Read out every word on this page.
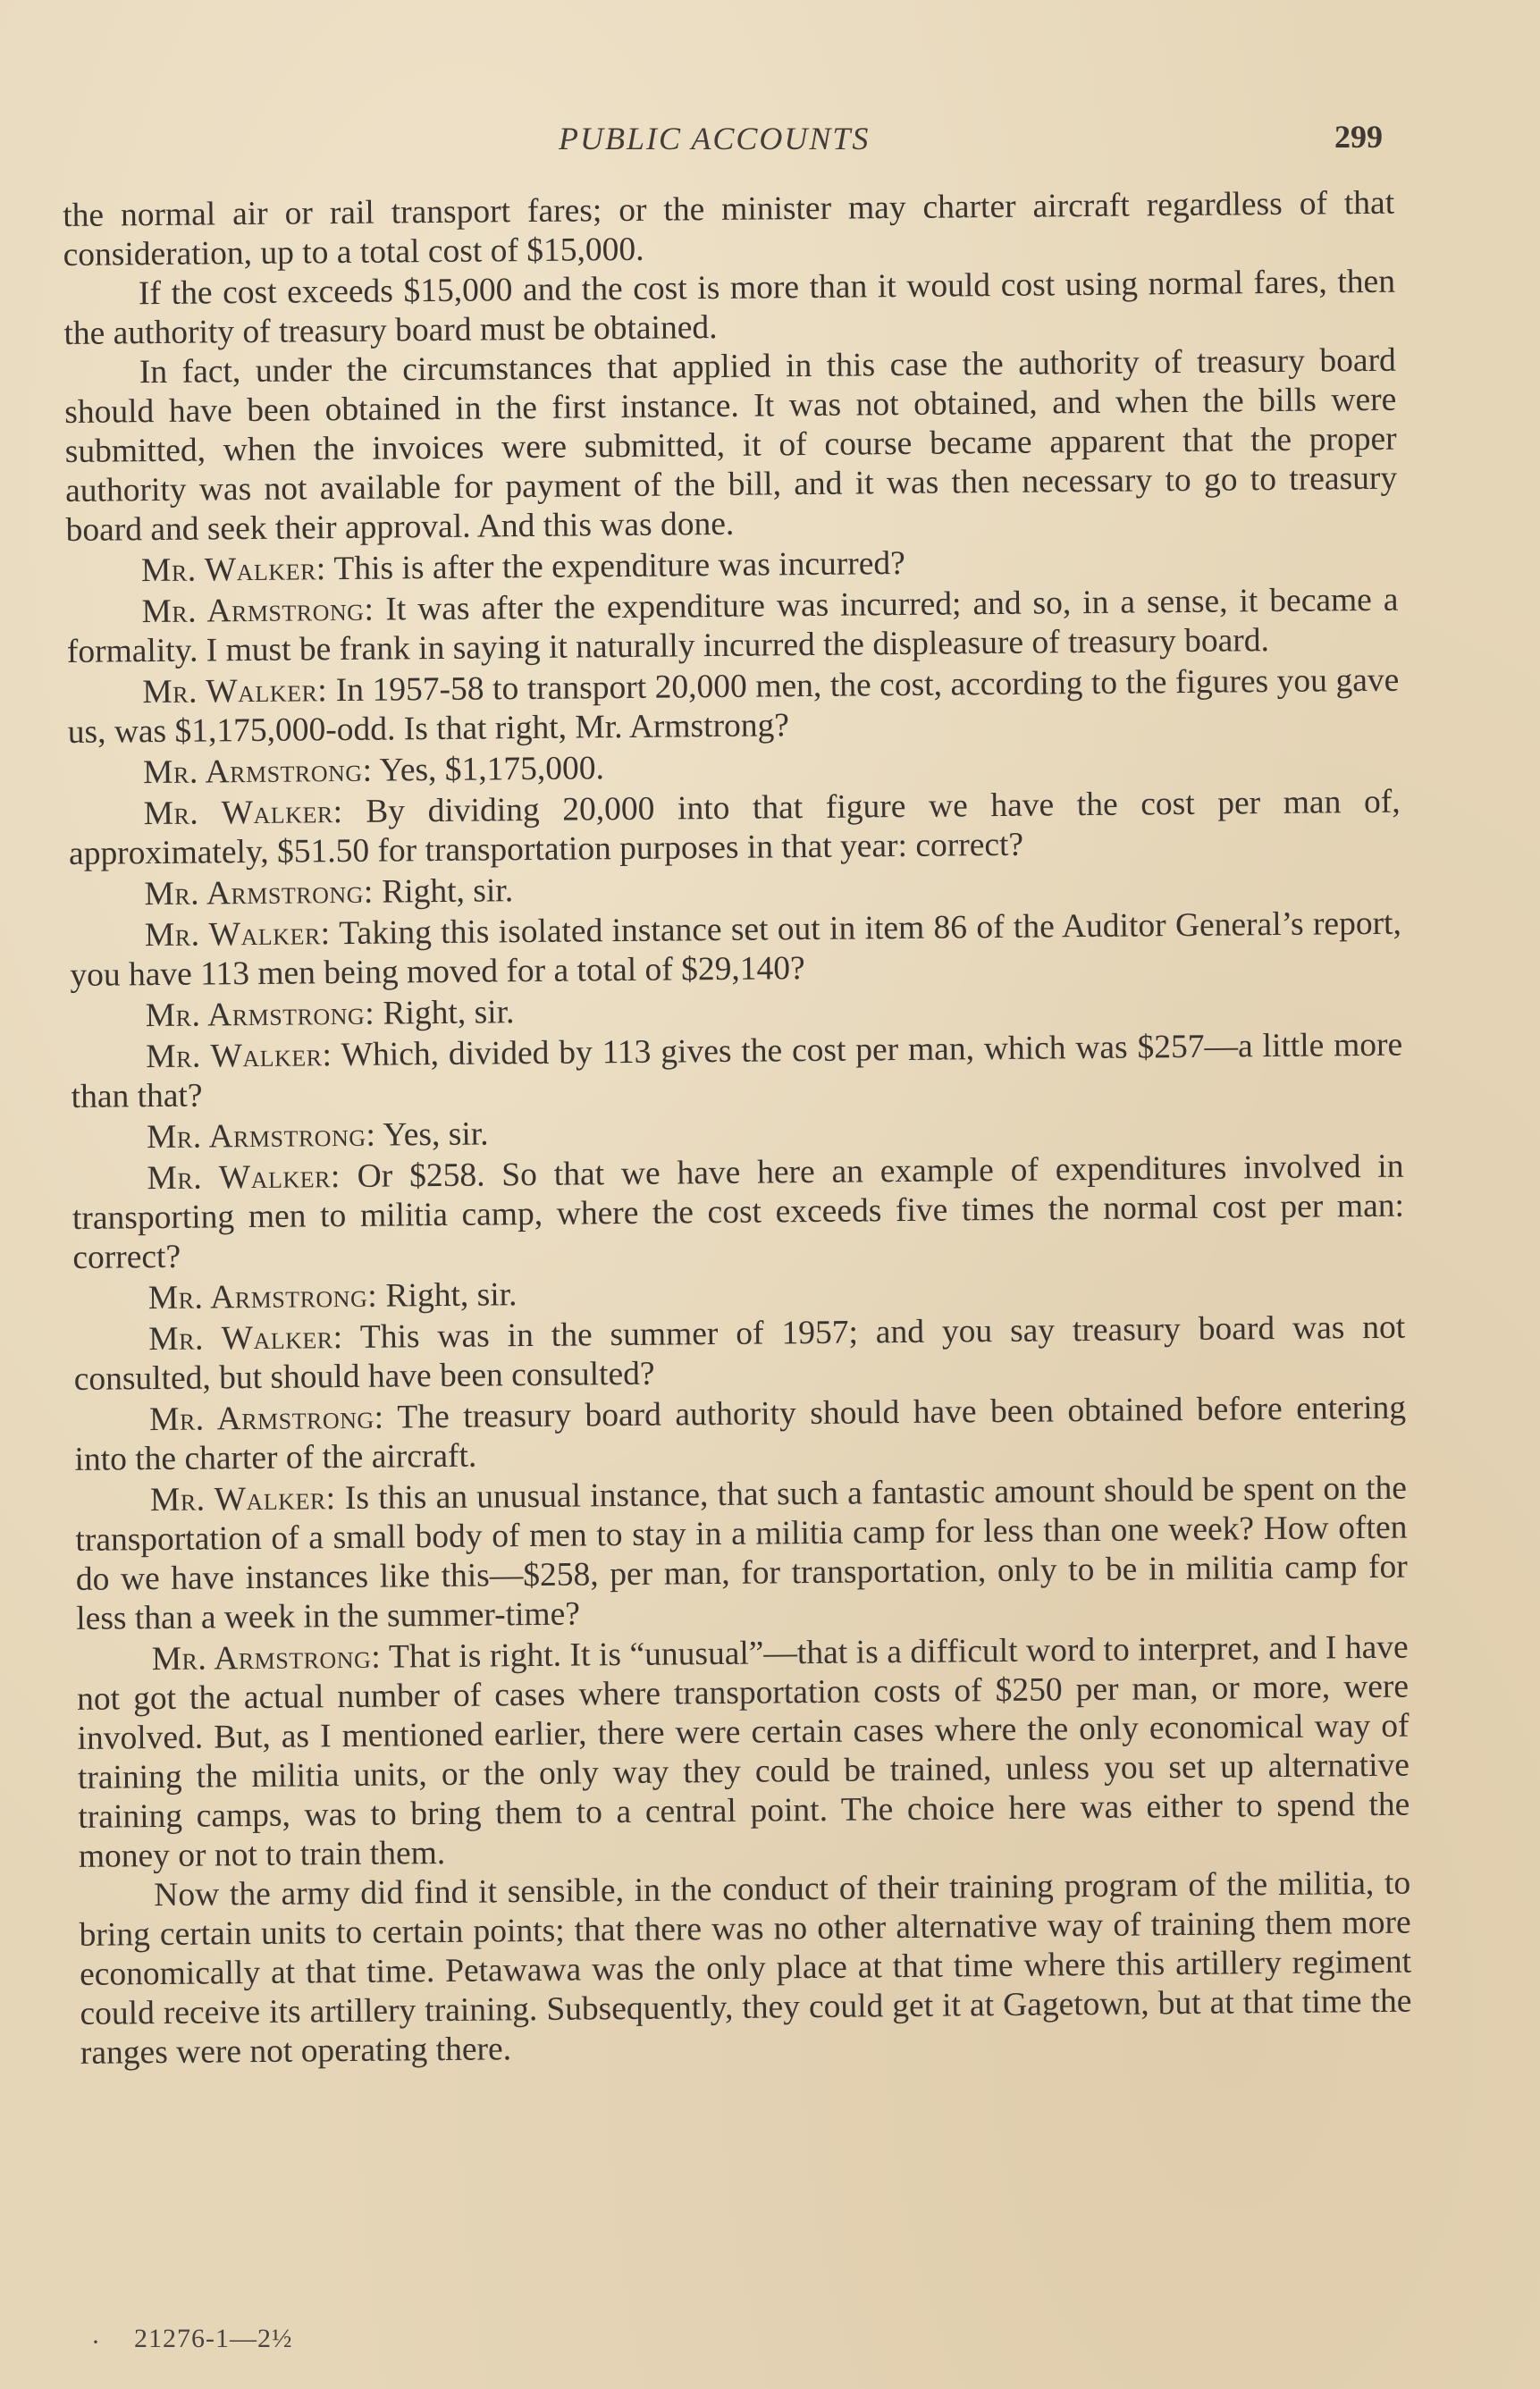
PUBLIC ACCOUNTS	299

the normal air or rail transport fares; or the minister may charter aircraft regardless of that consideration, up to a total cost of $15,000.

If the cost exceeds $15,000 and the cost is more than it would cost using normal fares, then the authority of treasury board must be obtained.

In fact, under the circumstances that applied in this case the authority of treasury board should have been obtained in the first instance. It was not obtained, and when the bills were submitted, when the invoices were submitted, it of course became apparent that the proper authority was not available for payment of the bill, and it was then necessary to go to treasury board and seek their approval. And this was done.

Mr. Walker: This is after the expenditure was incurred?

Mr. Armstrong: It was after the expenditure was incurred; and so, in a sense, it became a formality. I must be frank in saying it naturally incurred the displeasure of treasury board.

Mr. Walker: In 1957-58 to transport 20,000 men, the cost, according to the figures you gave us, was $1,175,000-odd. Is that right, Mr. Armstrong?

Mr. Armstrong: Yes, $1,175,000.

Mr. Walker: By dividing 20,000 into that figure we have the cost per man of, approximately, $51.50 for transportation purposes in that year: correct?

Mr. Armstrong: Right, sir.

Mr. Walker: Taking this isolated instance set out in item 86 of the Auditor General’s report, you have 113 men being moved for a total of $29,140?

Mr. Armstrong: Right, sir.

Mr. Walker: Which, divided by 113 gives the cost per man, which was $257—a little more than that?

Mr. Armstrong: Yes, sir.

Mr. Walker: Or $258. So that we have here an example of expenditures involved in transporting men to militia camp, where the cost exceeds five times the normal cost per man: correct?

Mr. Armstrong: Right, sir.

Mr. Walker: This was in the summer of 1957; and you say treasury board was not consulted, but should have been consulted?

Mr. Armstrong: The treasury board authority should have been obtained before entering into the charter of the aircraft.

Mr. Walker: Is this an unusual instance, that such a fantastic amount should be spent on the transportation of a small body of men to stay in a militia camp for less than one week? How often do we have instances like this—$258, per man, for transportation, only to be in militia camp for less than a week in the summer-time?

Mr. Armstrong: That is right. It is “unusual”—that is a difficult word to interpret, and I have not got the actual number of cases where transportation costs of $250 per man, or more, were involved. But, as I mentioned earlier, there were certain cases where the only economical way of training the militia units, or the only way they could be trained, unless you set up alternative training camps, was to bring them to a central point. The choice here was either to spend the money or not to train them.

Now the army did find it sensible, in the conduct of their training program of the militia, to bring certain units to certain points; that there was no other alternative way of training them more economically at that time. Petawawa was the only place at that time where this artillery regiment could receive its artillery training. Subsequently, they could get it at Gagetown, but at that time the ranges were not operating there.

· 21276-1—2½
